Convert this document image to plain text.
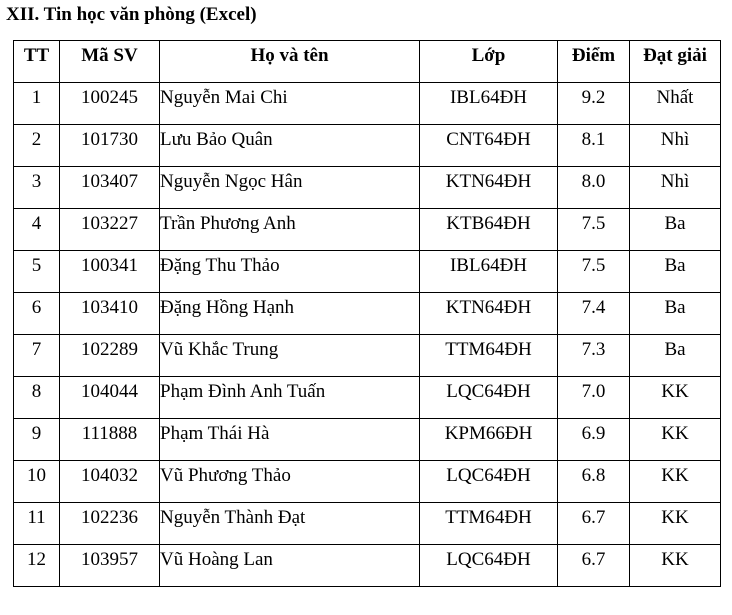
XII. Tin học văn phòng (Excel)
TT	Mã SV	Họ và tên	Lớp	Điểm	Đạt giải
1	100245	Nguyễn Mai Chi	IBL64ĐH	9.2	Nhất
2	101730	Lưu Bảo Quân	CNT64ĐH	8.1	Nhì
3	103407	Nguyễn Ngọc Hân	KTN64ĐH	8.0	Nhì
4	103227	Trần Phương Anh	KTB64ĐH	7.5	Ba
5	100341	Đặng Thu Thảo	IBL64ĐH	7.5	Ba
6	103410	Đặng Hồng Hạnh	KTN64ĐH	7.4	Ba
7	102289	Vũ Khắc Trung	TTM64ĐH	7.3	Ba
8	104044	Phạm Đình Anh Tuấn	LQC64ĐH	7.0	KK
9	111888	Phạm Thái Hà	KPM66ĐH	6.9	KK
10	104032	Vũ Phương Thảo	LQC64ĐH	6.8	KK
11	102236	Nguyễn Thành Đạt	TTM64ĐH	6.7	KK
12	103957	Vũ Hoàng Lan	LQC64ĐH	6.7	KK
